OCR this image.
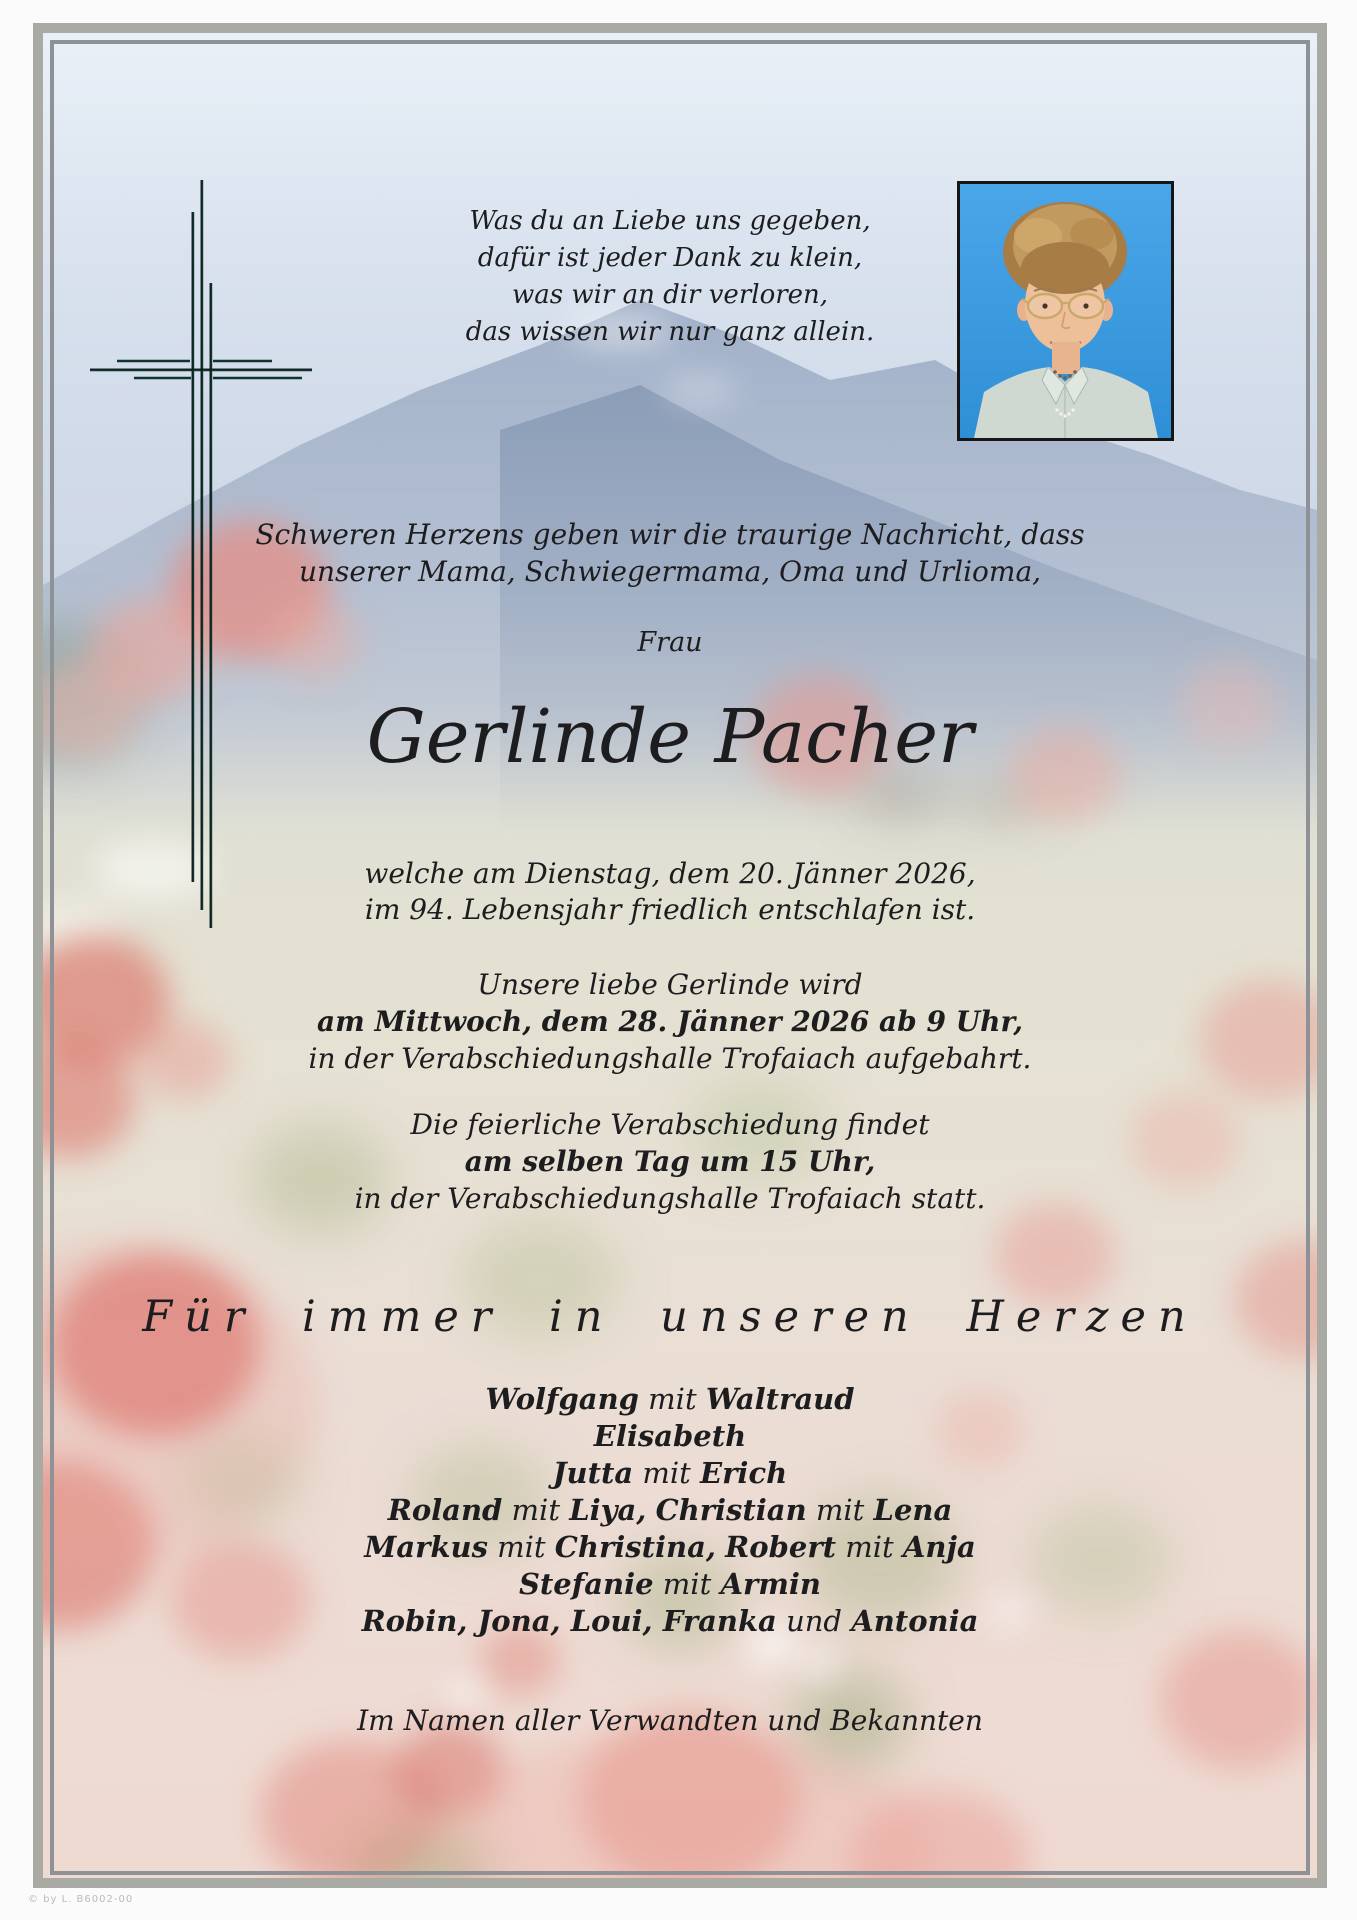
Was du an Liebe uns gegeben,
dafür ist jeder Dank zu klein,
was wir an dir verloren,
das wissen wir nur ganz allein.
Schweren Herzens geben wir die traurige Nachricht, dass
unserer Mama, Schwiegermama, Oma und Urlioma,
Frau
Gerlinde Pacher
welche am Dienstag, dem 20. Jänner 2026,
im 94. Lebensjahr friedlich entschlafen ist.
Unsere liebe Gerlinde wird
am Mittwoch, dem 28. Jänner 2026 ab 9 Uhr,
in der Verabschiedungshalle Trofaiach aufgebahrt.
Die feierliche Verabschiedung findet
am selben Tag um 15 Uhr,
in der Verabschiedungshalle Trofaiach statt.
Für immer in unseren Herzen
Wolfgang mit Waltraud
Elisabeth
Jutta mit Erich
Roland mit Liya, Christian mit Lena
Markus mit Christina, Robert mit Anja
Stefanie mit Armin
Robin, Jona, Loui, Franka und Antonia
Im Namen aller Verwandten und Bekannten
© by L. B6002-00
